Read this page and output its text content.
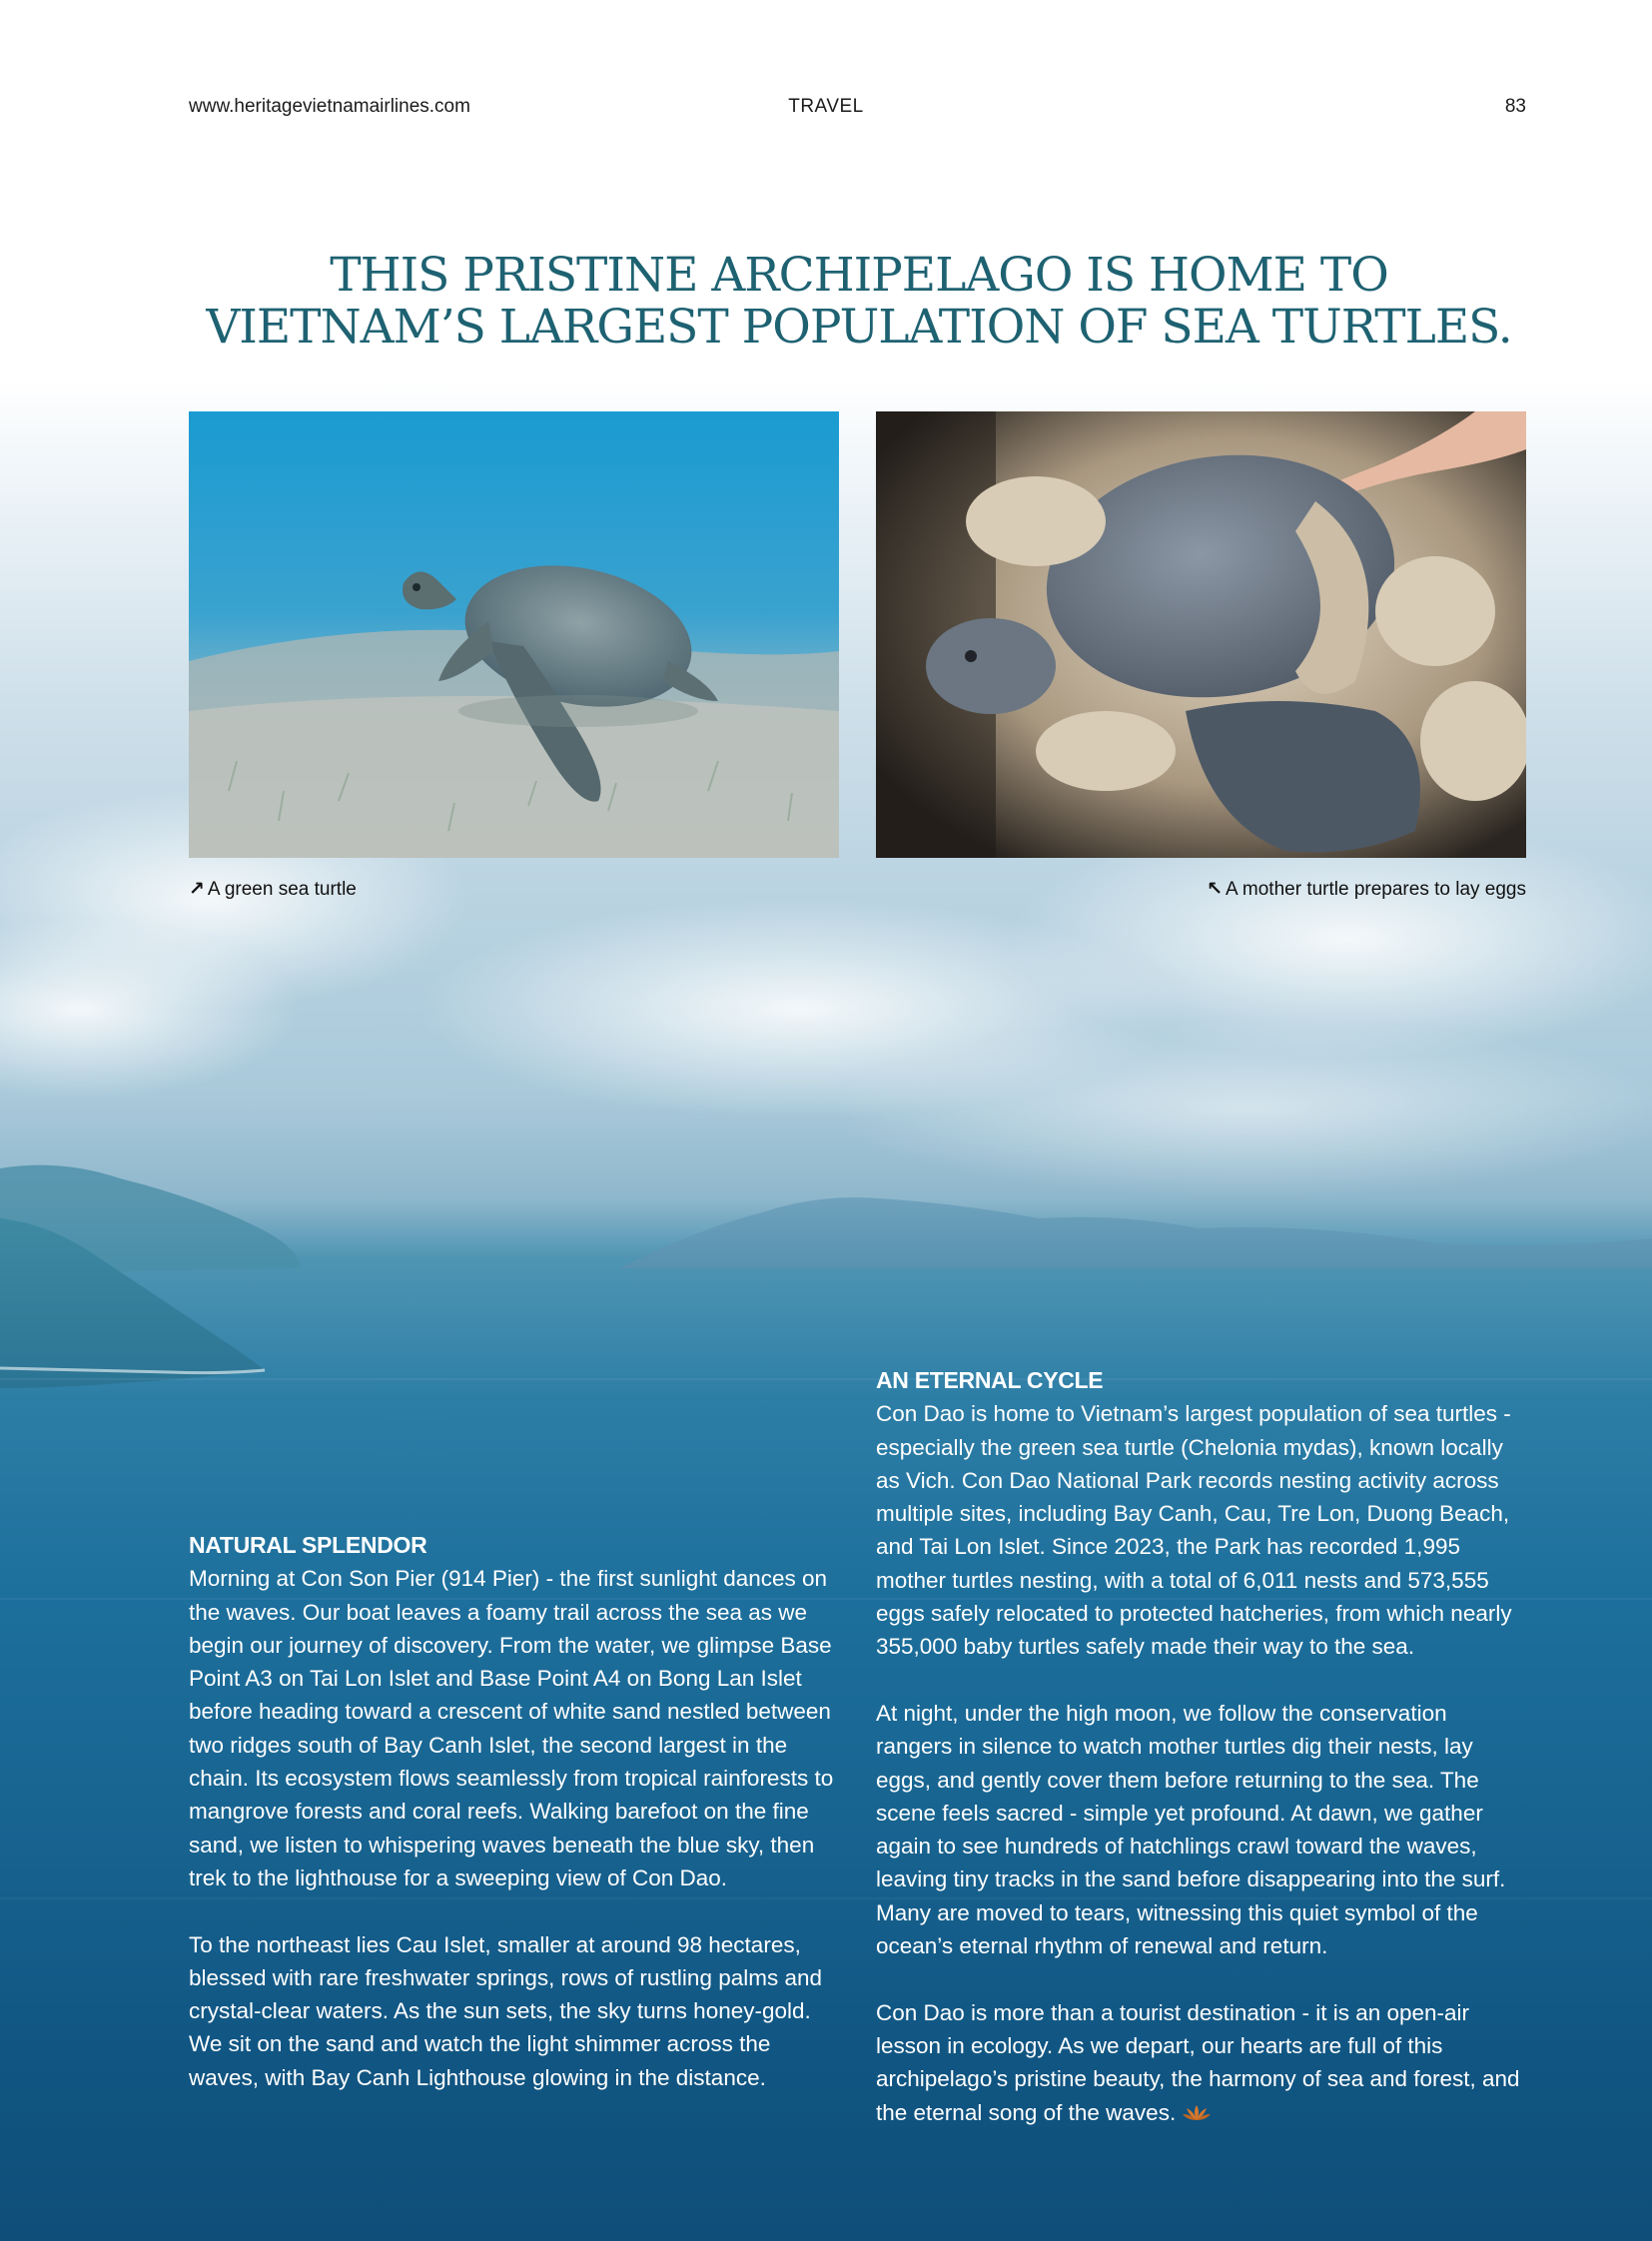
www.heritagevietnamairlines.com	TRAVEL	83
THIS PRISTINE ARCHIPELAGO IS HOME TO
VIETNAM’S LARGEST POPULATION OF SEA TURTLES.
↗ A green sea turtle	↖ A mother turtle prepares to lay eggs
NATURAL SPLENDOR

Morning at Con Son Pier (914 Pier) - the first sunlight dances on the waves. Our boat leaves a foamy trail across the sea as we begin our journey of discovery. From the water, we glimpse Base Point A3 on Tai Lon Islet and Base Point A4 on Bong Lan Islet before heading toward a crescent of white sand nestled between two ridges south of Bay Canh Islet, the second largest in the chain. Its ecosystem flows seamlessly from tropical rainforests to mangrove forests and coral reefs. Walking barefoot on the fine sand, we listen to whispering waves beneath the blue sky, then trek to the lighthouse for a sweeping view of Con Dao.

To the northeast lies Cau Islet, smaller at around 98 hectares, blessed with rare freshwater springs, rows of rustling palms and crystal-clear waters. As the sun sets, the sky turns honey-gold. We sit on the sand and watch the light shimmer across the waves, with Bay Canh Lighthouse glowing in the distance.

AN ETERNAL CYCLE

Con Dao is home to Vietnam’s largest population of sea turtles - especially the green sea turtle (Chelonia mydas), known locally as Vich. Con Dao National Park records nesting activity across multiple sites, including Bay Canh, Cau, Tre Lon, Duong Beach, and Tai Lon Islet. Since 2023, the Park has recorded 1,995 mother turtles nesting, with a total of 6,011 nests and 573,555 eggs safely relocated to protected hatcheries, from which nearly 355,000 baby turtles safely made their way to the sea.

At night, under the high moon, we follow the conservation rangers in silence to watch mother turtles dig their nests, lay eggs, and gently cover them before returning to the sea. The scene feels sacred - simple yet profound. At dawn, we gather again to see hundreds of hatchlings crawl toward the waves, leaving tiny tracks in the sand before disappearing into the surf. Many are moved to tears, witnessing this quiet symbol of the ocean’s eternal rhythm of renewal and return.

Con Dao is more than a tourist destination - it is an open-air lesson in ecology. As we depart, our hearts are full of this archipelago’s pristine beauty, the harmony of sea and forest, and the eternal song of the waves.
